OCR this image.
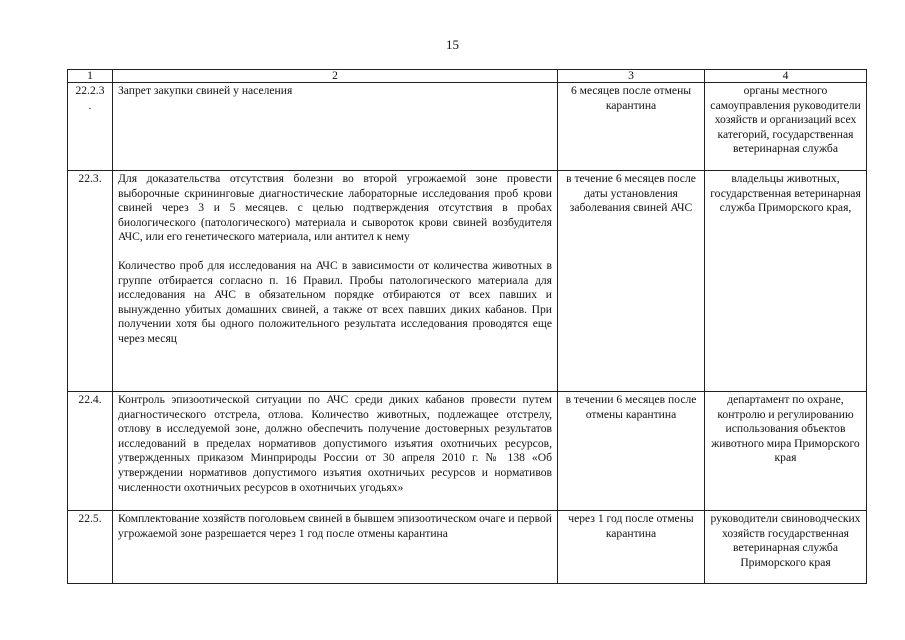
15
1	2	3	4

22.2.3
.	Запрет закупки свиней у населения	6 месяцев после отмены карантина	органы местного самоуправления руководители хозяйств и организаций всех категорий, государственная ветеринарная служба

22.3.	Для доказательства отсутствия болезни во второй угрожаемой зоне провести выборочные скрининговые диагностические лабораторные исследования проб крови свиней через 3 и 5 месяцев. с целью подтверждения отсутствия в пробах биологического (патологического) материала и сывороток крови свиней возбудителя АЧС, или его генетического материала, или антител к нему
Количество проб для исследования на АЧС в зависимости от количества животных в группе отбирается согласно п. 16 Правил. Пробы патологического материала для исследования на АЧС в обязательном порядке отбираются от всех павших и вынужденно убитых домашних свиней, а также от всех павших диких кабанов. При получении хотя бы одного положительного результата исследования проводятся еще через месяц	в течение 6 месяцев после даты установления заболевания свиней АЧС	владельцы животных, государственная ветеринарная служба Приморского края,

22.4.	Контроль эпизоотической ситуации по АЧС среди диких кабанов провести путем диагностического отстрела, отлова. Количество животных, подлежащее отстрелу, отлову в исследуемой зоне, должно обеспечить получение достоверных результатов исследований в пределах нормативов допустимого изъятия охотничьих ресурсов, утвержденных приказом Минприроды России от 30 апреля 2010 г. № 138 «Об утверждении нормативов допустимого изъятия охотничьих ресурсов и нормативов численности охотничьих ресурсов в охотничьих угодьях»	в течении 6 месяцев после отмены карантина	департамент по охране, контролю и регулированию использования объектов животного мира Приморского края

22.5.	Комплектование хозяйств поголовьем свиней в бывшем эпизоотическом очаге и первой угрожаемой зоне разрешается через 1 год после отмены карантина	через 1 год после отмены карантина	руководители свиноводческих хозяйств государственная ветеринарная служба Приморского края
